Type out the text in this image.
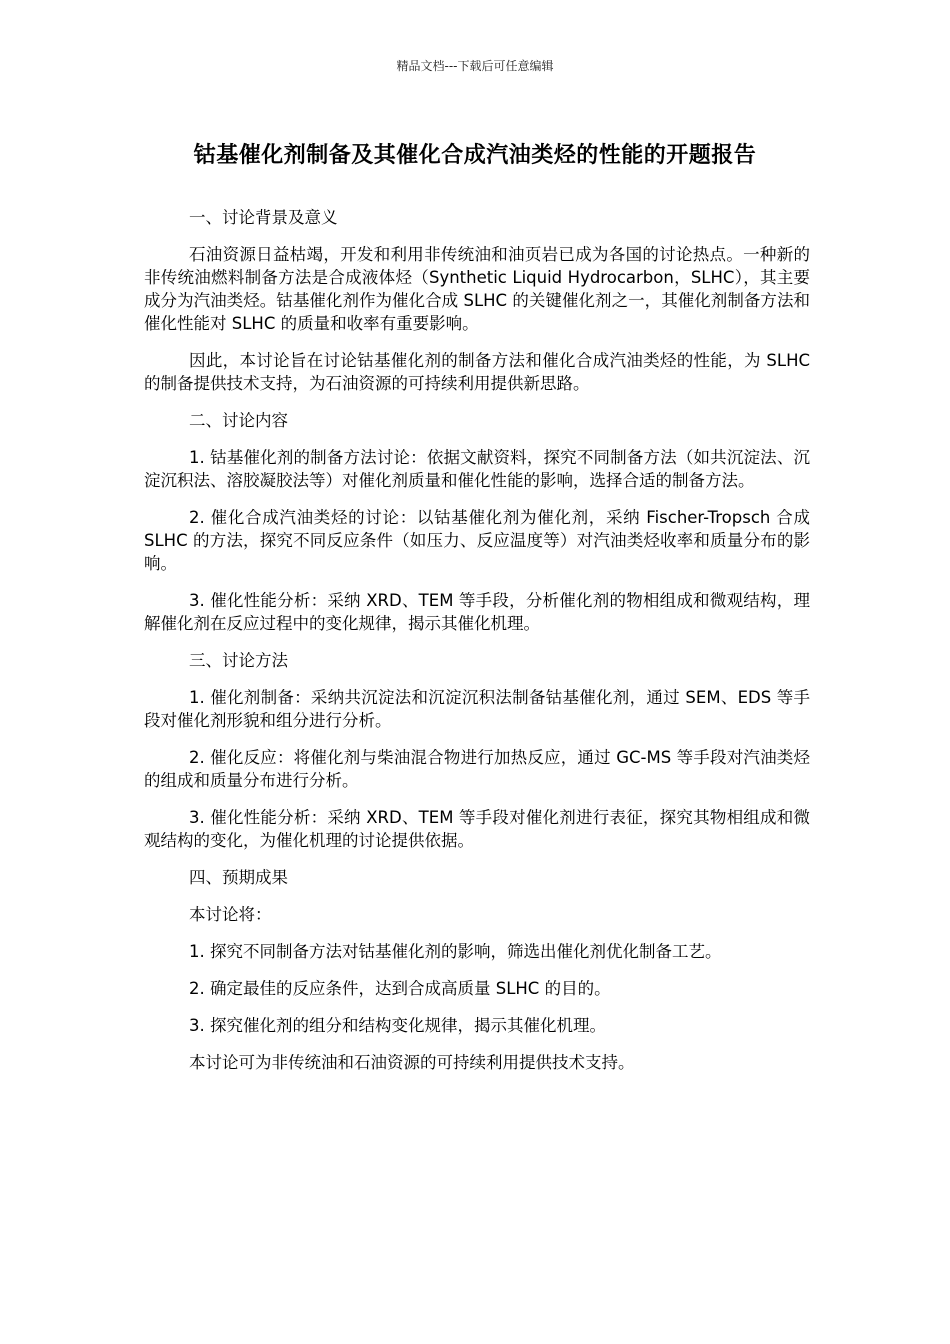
精品文档---下载后可任意编辑
钴基催化剂制备及其催化合成汽油类烃的性能的开题报告

一、讨论背景及意义

石油资源日益枯竭，开发和利用非传统油和油页岩已成为各国的讨论热点。一种新的非传统油燃料制备方法是合成液体烃（Synthetic Liquid Hydrocarbon，SLHC），其主要成分为汽油类烃。钴基催化剂作为催化合成 SLHC 的关键催化剂之一，其催化剂制备方法和催化性能对 SLHC 的质量和收率有重要影响。

因此，本讨论旨在讨论钴基催化剂的制备方法和催化合成汽油类烃的性能，为 SLHC 的制备提供技术支持，为石油资源的可持续利用提供新思路。

二、讨论内容

1. 钴基催化剂的制备方法讨论：依据文献资料，探究不同制备方法（如共沉淀法、沉淀沉积法、溶胶凝胶法等）对催化剂质量和催化性能的影响，选择合适的制备方法。

2. 催化合成汽油类烃的讨论：以钴基催化剂为催化剂，采纳 Fischer-Tropsch 合成 SLHC 的方法，探究不同反应条件（如压力、反应温度等）对汽油类烃收率和质量分布的影响。

3. 催化性能分析：采纳 XRD、TEM 等手段，分析催化剂的物相组成和微观结构，理解催化剂在反应过程中的变化规律，揭示其催化机理。

三、讨论方法

1. 催化剂制备：采纳共沉淀法和沉淀沉积法制备钴基催化剂，通过 SEM、EDS 等手段对催化剂形貌和组分进行分析。

2. 催化反应：将催化剂与柴油混合物进行加热反应，通过 GC-MS 等手段对汽油类烃的组成和质量分布进行分析。

3. 催化性能分析：采纳 XRD、TEM 等手段对催化剂进行表征，探究其物相组成和微观结构的变化，为催化机理的讨论提供依据。

四、预期成果

本讨论将：

1. 探究不同制备方法对钴基催化剂的影响，筛选出催化剂优化制备工艺。

2. 确定最佳的反应条件，达到合成高质量 SLHC 的目的。

3. 探究催化剂的组分和结构变化规律，揭示其催化机理。

本讨论可为非传统油和石油资源的可持续利用提供技术支持。
